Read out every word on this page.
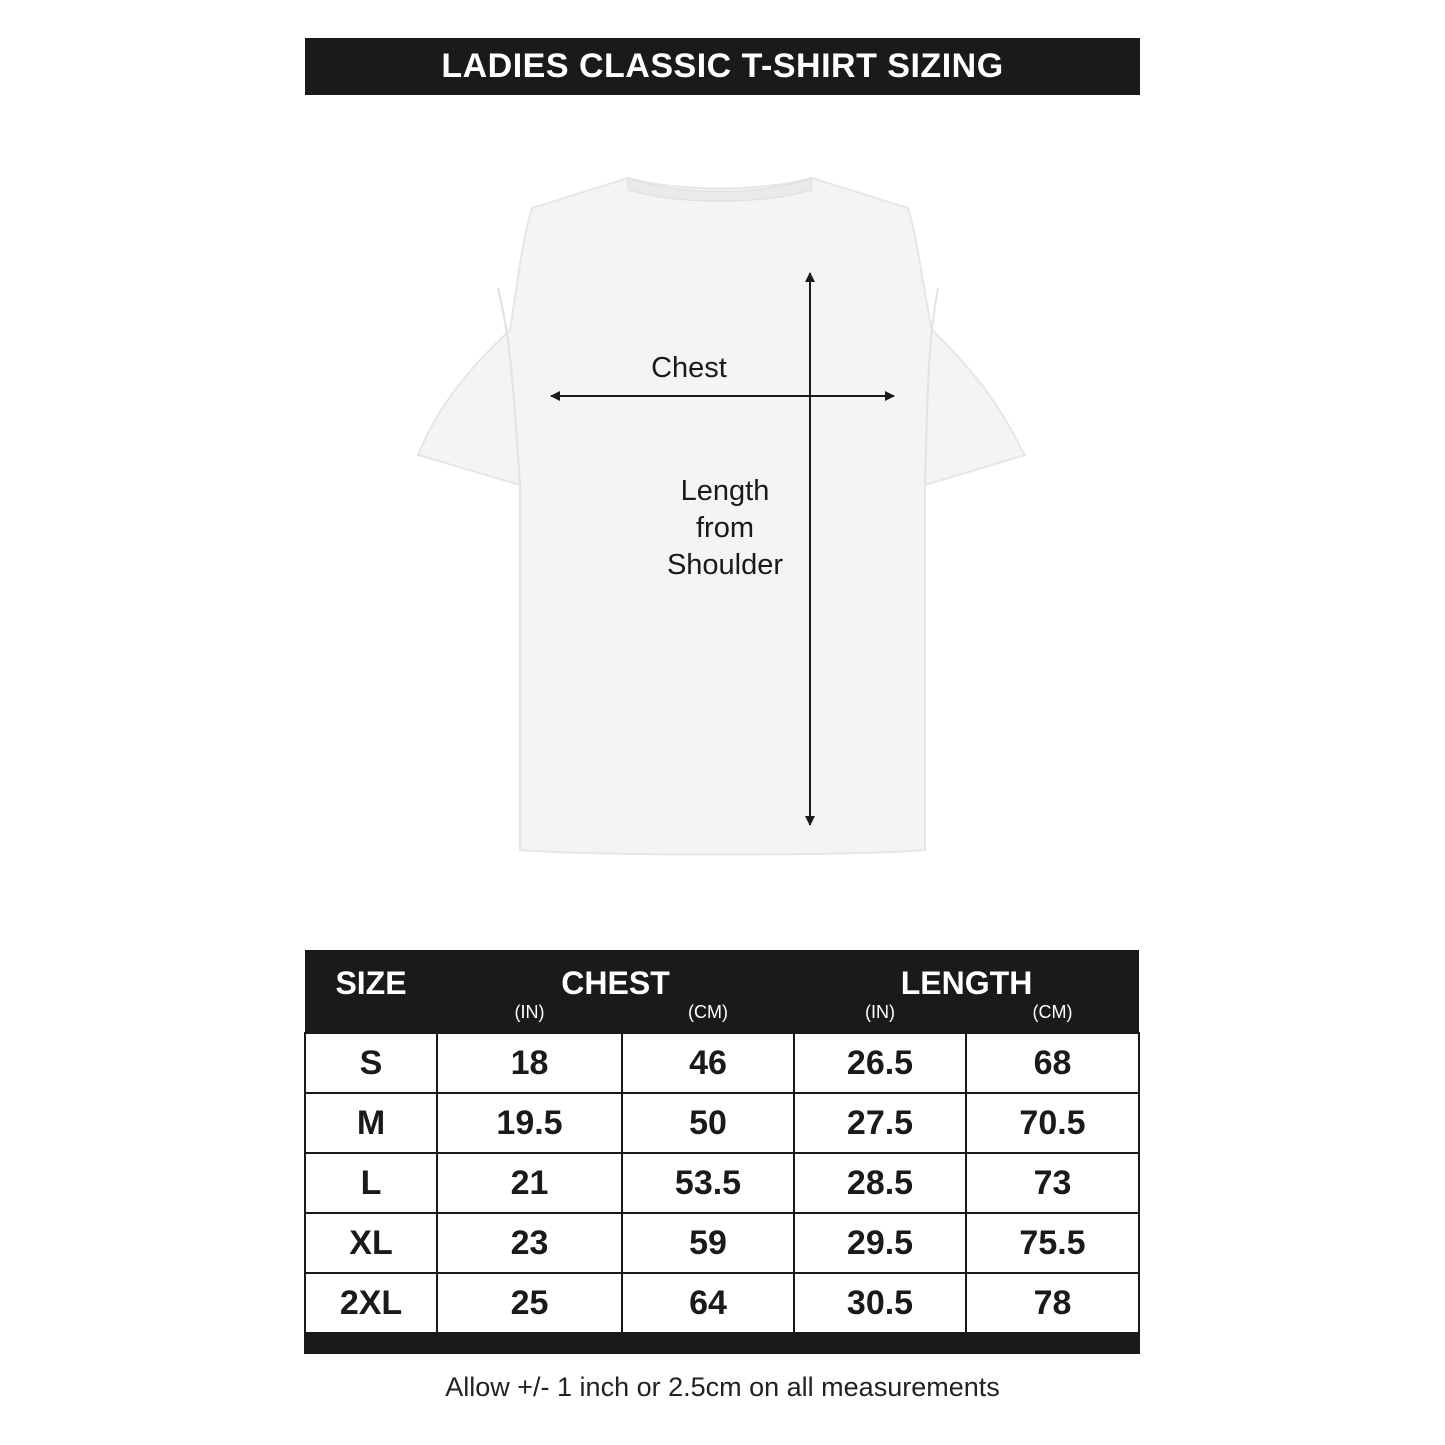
LADIES CLASSIC T-SHIRT SIZING
Chest
Length
from
Shoulder
SIZE	CHEST		LENGTH	
	(IN)	(CM)	(IN)	(CM)
S	18	46	26.5	68
M	19.5	50	27.5	70.5
L	21	53.5	28.5	73
XL	23	59	29.5	75.5
2XL	25	64	30.5	78

Allow +/- 1 inch or 2.5cm on all measurements
